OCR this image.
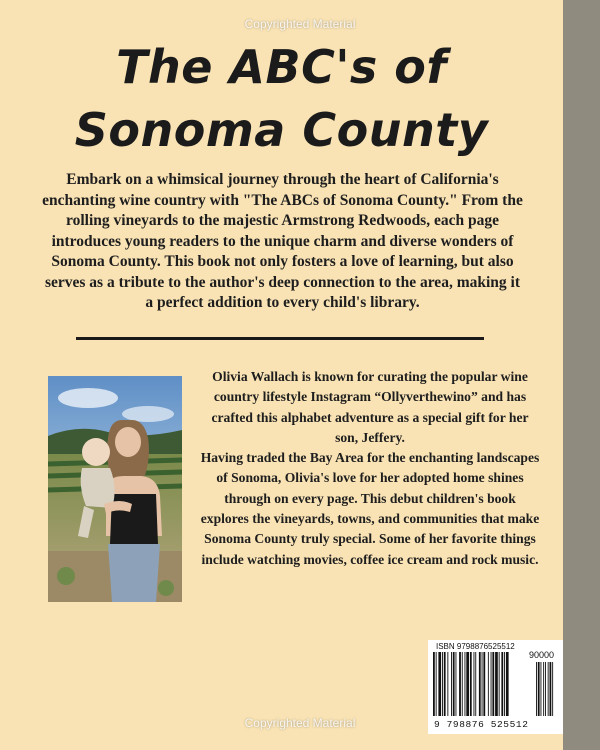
The ABC's of
Sonoma County
Embark on a whimsical journey through the heart of California's enchanting wine country with "The ABCs of Sonoma County." From the rolling vineyards to the majestic Armstrong Redwoods, each page introduces young readers to the unique charm and diverse wonders of Sonoma County. This book not only fosters a love of learning, but also serves as a tribute to the author's deep connection to the area, making it a perfect addition to every child's library.

Olivia Wallach is known for curating the popular wine country lifestyle Instagram “Ollyverthewino” and has crafted this alphabet adventure as a special gift for her son, Jeffery.

Having traded the Bay Area for the enchanting landscapes of Sonoma, Olivia's love for her adopted home shines through on every page. This debut children's book explores the vineyards, towns, and communities that make Sonoma County truly special. Some of her favorite things include watching movies, coffee ice cream and rock music.

ISBN 9798876525512
90000
9 798876 525512
Copyrighted Material
Copyrighted Material
